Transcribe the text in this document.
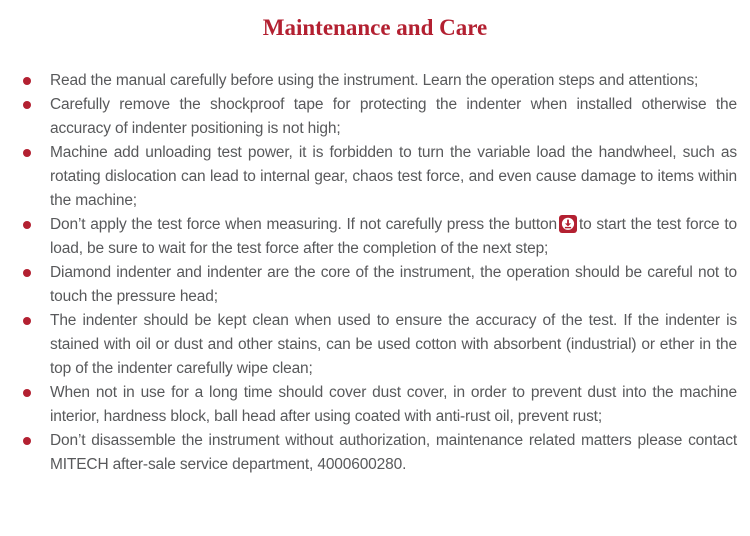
Maintenance and Care
Read the manual carefully before using the instrument. Learn the operation steps and attentions;
Carefully remove the shockproof tape for protecting the indenter when installed otherwise the accuracy of indenter positioning is not high;
Machine add unloading test power, it is forbidden to turn the variable load the handwheel, such as rotating dislocation can lead to internal gear, chaos test force, and even cause damage to items within the machine;
Don’t apply the test force when measuring. If not carefully press the button to start the test force to load, be sure to wait for the test force after the completion of the next step;
Diamond indenter and indenter are the core of the instrument, the operation should be careful not to touch the pressure head;
The indenter should be kept clean when used to ensure the accuracy of the test. If the indenter is stained with oil or dust and other stains, can be used cotton with absorbent (industrial) or ether in the top of the indenter carefully wipe clean;
When not in use for a long time should cover dust cover, in order to prevent dust into the machine interior, hardness block, ball head after using coated with anti-rust oil, prevent rust;
Don’t disassemble the instrument without authorization, maintenance related matters please contact MITECH after-sale service department, 4000600280.
